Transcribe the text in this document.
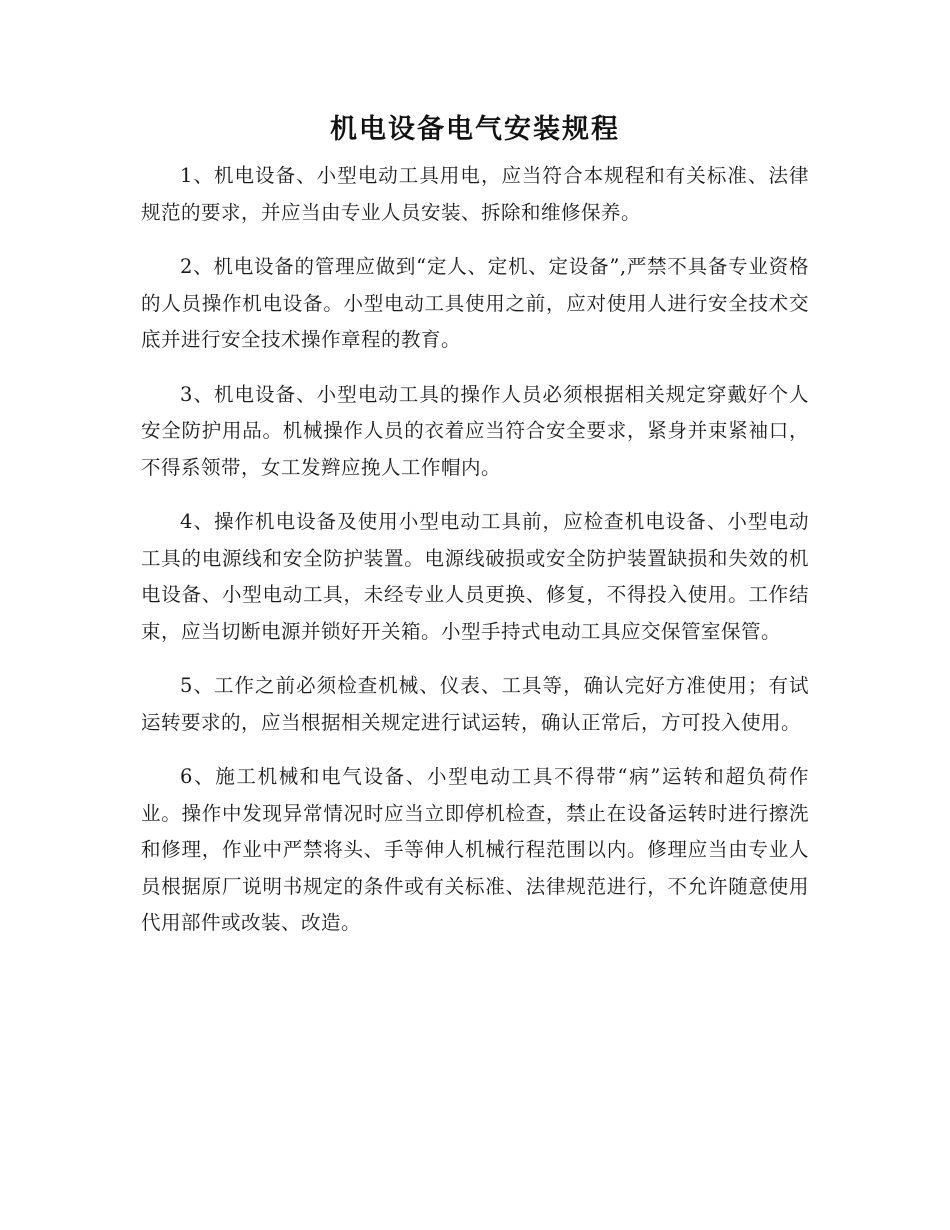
机电设备电气安装规程

1、机电设备、小型电动工具用电，应当符合本规程和有关标准、法律规范的要求，并应当由专业人员安装、拆除和维修保养。

2、机电设备的管理应做到“定人、定机、定设备”,严禁不具备专业资格的人员操作机电设备。小型电动工具使用之前，应对使用人进行安全技术交底并进行安全技术操作章程的教育。

3、机电设备、小型电动工具的操作人员必须根据相关规定穿戴好个人安全防护用品。机械操作人员的衣着应当符合安全要求，紧身并束紧袖口，不得系领带，女工发辫应挽人工作帽内。

4、操作机电设备及使用小型电动工具前，应检查机电设备、小型电动工具的电源线和安全防护装置。电源线破损或安全防护装置缺损和失效的机电设备、小型电动工具，未经专业人员更换、修复，不得投入使用。工作结束，应当切断电源并锁好开关箱。小型手持式电动工具应交保管室保管。

5、工作之前必须检查机械、仪表、工具等，确认完好方准使用；有试运转要求的，应当根据相关规定进行试运转，确认正常后，方可投入使用。

6、施工机械和电气设备、小型电动工具不得带“病”运转和超负荷作业。操作中发现异常情况时应当立即停机检查，禁止在设备运转时进行擦洗和修理，作业中严禁将头、手等伸人机械行程范围以内。修理应当由专业人员根据原厂说明书规定的条件或有关标准、法律规范进行，不允许随意使用代用部件或改装、改造。
